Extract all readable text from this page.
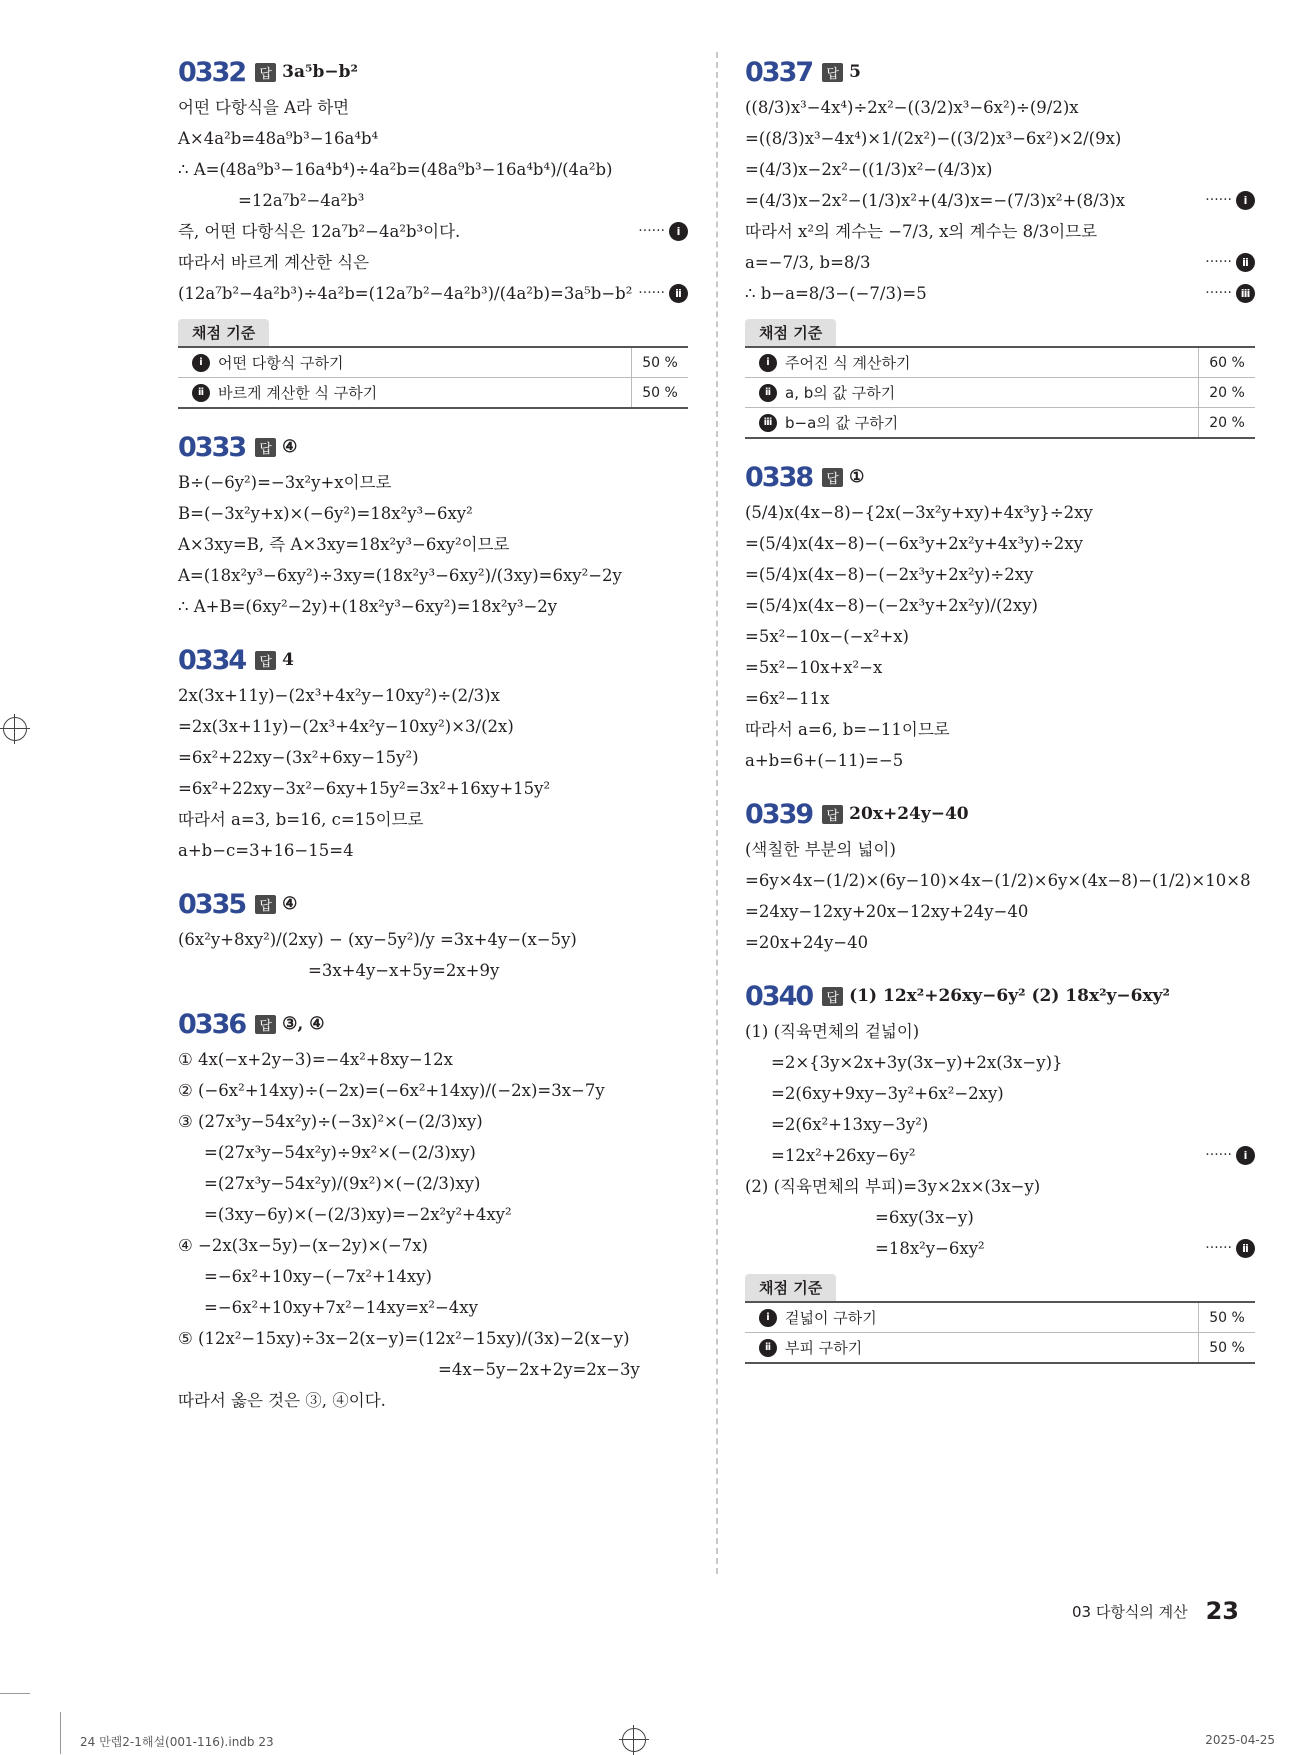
0332	답 3a⁵b−b²
어떤 다항식을 A라 하면
A×4a²b=48a⁹b³−16a⁴b⁴
∴ A=(48a⁹b³−16a⁴b⁴)÷4a²b=(48a⁹b³−16a⁴b⁴)/(4a²b)
=12a⁷b²−4a²b³
즉, 어떤 다항식은 12a⁷b²−4a²b³이다.	······ ⅰ
따라서 바르게 계산한 식은
(12a⁷b²−4a²b³)÷4a²b=(12a⁷b²−4a²b³)/(4a²b)=3a⁵b−b² ······ ⅱ
채점 기준
ⅰ	어떤 다항식 구하기	50 %
ⅱ 바르게 계산한 식 구하기	50 %
0333	답 ④
B÷(−6y²)=−3x²y+x이므로
B=(−3x²y+x)×(−6y²)=18x²y³−6xy²
A×3xy=B, 즉 A×3xy=18x²y³−6xy²이므로
A=(18x²y³−6xy²)÷3xy=(18x²y³−6xy²)/(3xy)=6xy²−2y
∴ A+B=(6xy²−2y)+(18x²y³−6xy²)=18x²y³−2y
0334	답 4
2x(3x+11y)−(2x³+4x²y−10xy²)÷(2/3)x
=2x(3x+11y)−(2x³+4x²y−10xy²)×3/(2x)
=6x²+22xy−(3x²+6xy−15y²)
=6x²+22xy−3x²−6xy+15y²=3x²+16xy+15y²
따라서 a=3, b=16, c=15이므로
a+b−c=3+16−15=4
0335	답 ④
(6x²y+8xy²)/(2xy) − (xy−5y²)/y =3x+4y−(x−5y)
=3x+4y−x+5y=2x+9y
0336	답 ③, ④
① 4x(−x+2y−3)=−4x²+8xy−12x
② (−6x²+14xy)÷(−2x)=(−6x²+14xy)/(−2x)=3x−7y
③ (27x³y−54x²y)÷(−3x)²×(−(2/3)xy)
=(27x³y−54x²y)÷9x²×(−(2/3)xy)
=(27x³y−54x²y)/(9x²)×(−(2/3)xy)
=(3xy−6y)×(−(2/3)xy)=−2x²y²+4xy²
④ −2x(3x−5y)−(x−2y)×(−7x)
=−6x²+10xy−(−7x²+14xy)
=−6x²+10xy+7x²−14xy=x²−4xy
⑤ (12x²−15xy)÷3x−2(x−y)=(12x²−15xy)/(3x)−2(x−y)
=4x−5y−2x+2y=2x−3y
따라서 옳은 것은 ③, ④이다.
0337	답 5
((8/3)x³−4x⁴)÷2x²−((3/2)x³−6x²)÷(9/2)x
=((8/3)x³−4x⁴)×1/(2x²)−((3/2)x³−6x²)×2/(9x)
=(4/3)x−2x²−((1/3)x²−(4/3)x)
=(4/3)x−2x²−(1/3)x²+(4/3)x=−(7/3)x²+(8/3)x	······ ⅰ
따라서 x²의 계수는 −7/3, x의 계수는 8/3이므로
a=−7/3, b=8/3	······ ⅱ
∴ b−a=8/3−(−7/3)=5	······ ⅲ
채점 기준
ⅰ	주어진 식 계산하기	60 %
ⅱ a, b의 값 구하기	20 %
ⅲ b−a의 값 구하기	20 %
0338	답 ①
(5/4)x(4x−8)−{2x(−3x²y+xy)+4x³y}÷2xy
=(5/4)x(4x−8)−(−6x³y+2x²y+4x³y)÷2xy
=(5/4)x(4x−8)−(−2x³y+2x²y)÷2xy
=(5/4)x(4x−8)−(−2x³y+2x²y)/(2xy)
=5x²−10x−(−x²+x)
=5x²−10x+x²−x
=6x²−11x
따라서 a=6, b=−11이므로
a+b=6+(−11)=−5
0339	답 20x+24y−40
(색칠한 부분의 넓이)
=6y×4x−(1/2)×(6y−10)×4x−(1/2)×6y×(4x−8)−(1/2)×10×8
=24xy−12xy+20x−12xy+24y−40
=20x+24y−40
0340	답 (1) 12x²+26xy−6y² (2) 18x²y−6xy²
(1) (직육면체의 겉넓이)
=2×{3y×2x+3y(3x−y)+2x(3x−y)}
=2(6xy+9xy−3y²+6x²−2xy)
=2(6x²+13xy−3y²)
=12x²+26xy−6y²	······ ⅰ
(2) (직육면체의 부피)=3y×2x×(3x−y)
=6xy(3x−y)
=18x²y−6xy²	······ ⅱ
채점 기준
ⅰ	겉넓이 구하기	50 %
ⅱ 부피 구하기	50 %
03 다항식의 계산 23
24 만렙2-1해설(001-116).indb 23	2025-04-25
